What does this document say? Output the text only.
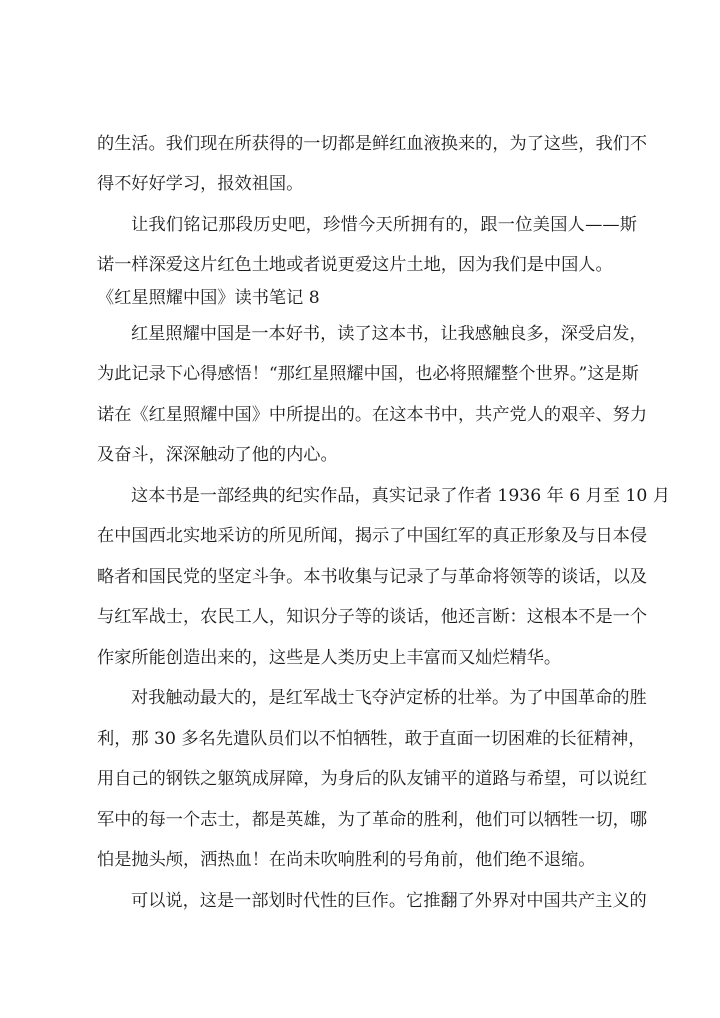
的生活。我们现在所获得的一切都是鲜红血液换来的，为了这些，我们不
得不好好学习，报效祖国。
让我们铭记那段历史吧，珍惜今天所拥有的，跟一位美国人——斯
诺一样深爱这片红色土地或者说更爱这片土地，因为我们是中国人。
《红星照耀中国》读书笔记 8
红星照耀中国是一本好书，读了这本书，让我感触良多，深受启发，
为此记录下心得感悟！“那红星照耀中国，也必将照耀整个世界。”这是斯
诺在《红星照耀中国》中所提出的。在这本书中，共产党人的艰辛、努力
及奋斗，深深触动了他的内心。
这本书是一部经典的纪实作品，真实记录了作者 1936 年 6 月至 10 月
在中国西北实地采访的所见所闻，揭示了中国红军的真正形象及与日本侵
略者和国民党的坚定斗争。本书收集与记录了与革命将领等的谈话，以及
与红军战士，农民工人，知识分子等的谈话，他还言断：这根本不是一个
作家所能创造出来的，这些是人类历史上丰富而又灿烂精华。
对我触动最大的，是红军战士飞夺泸定桥的壮举。为了中国革命的胜
利，那 30 多名先遣队员们以不怕牺牲，敢于直面一切困难的长征精神，
用自己的钢铁之躯筑成屏障，为身后的队友铺平的道路与希望，可以说红
军中的每一个志士，都是英雄，为了革命的胜利，他们可以牺牲一切，哪
怕是抛头颅，洒热血！在尚未吹响胜利的号角前，他们绝不退缩。
可以说，这是一部划时代性的巨作。它推翻了外界对中国共产主义的
